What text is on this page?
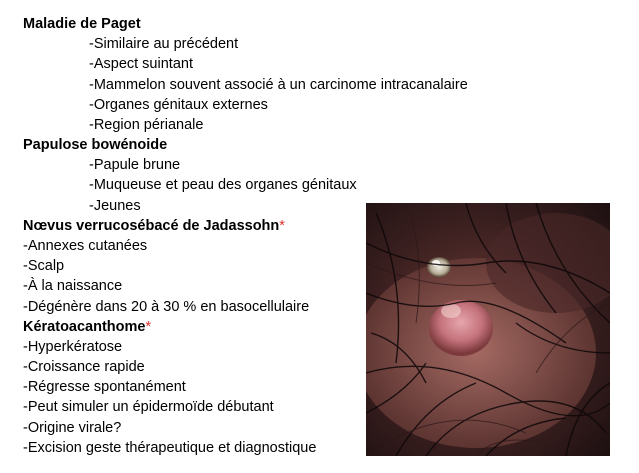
Maladie de Paget
-Similaire au précédent
-Aspect suintant
-Mammelon souvent associé à un carcinome intracanalaire
-Organes génitaux externes
-Region périanale
Papulose bowénoide
-Papule brune
-Muqueuse et peau des organes génitaux
-Jeunes
Nœvus verrucosébacé de Jadassohn*
-Annexes cutanées
-Scalp
-À la naissance
-Dégénère dans 20 à 30 % en basocellulaire
Kératoacanthome*
-Hyperkératose
-Croissance rapide
-Régresse spontanément
-Peut simuler un épidermoïde débutant
-Origine virale?
-Excision geste thérapeutique et diagnostique
